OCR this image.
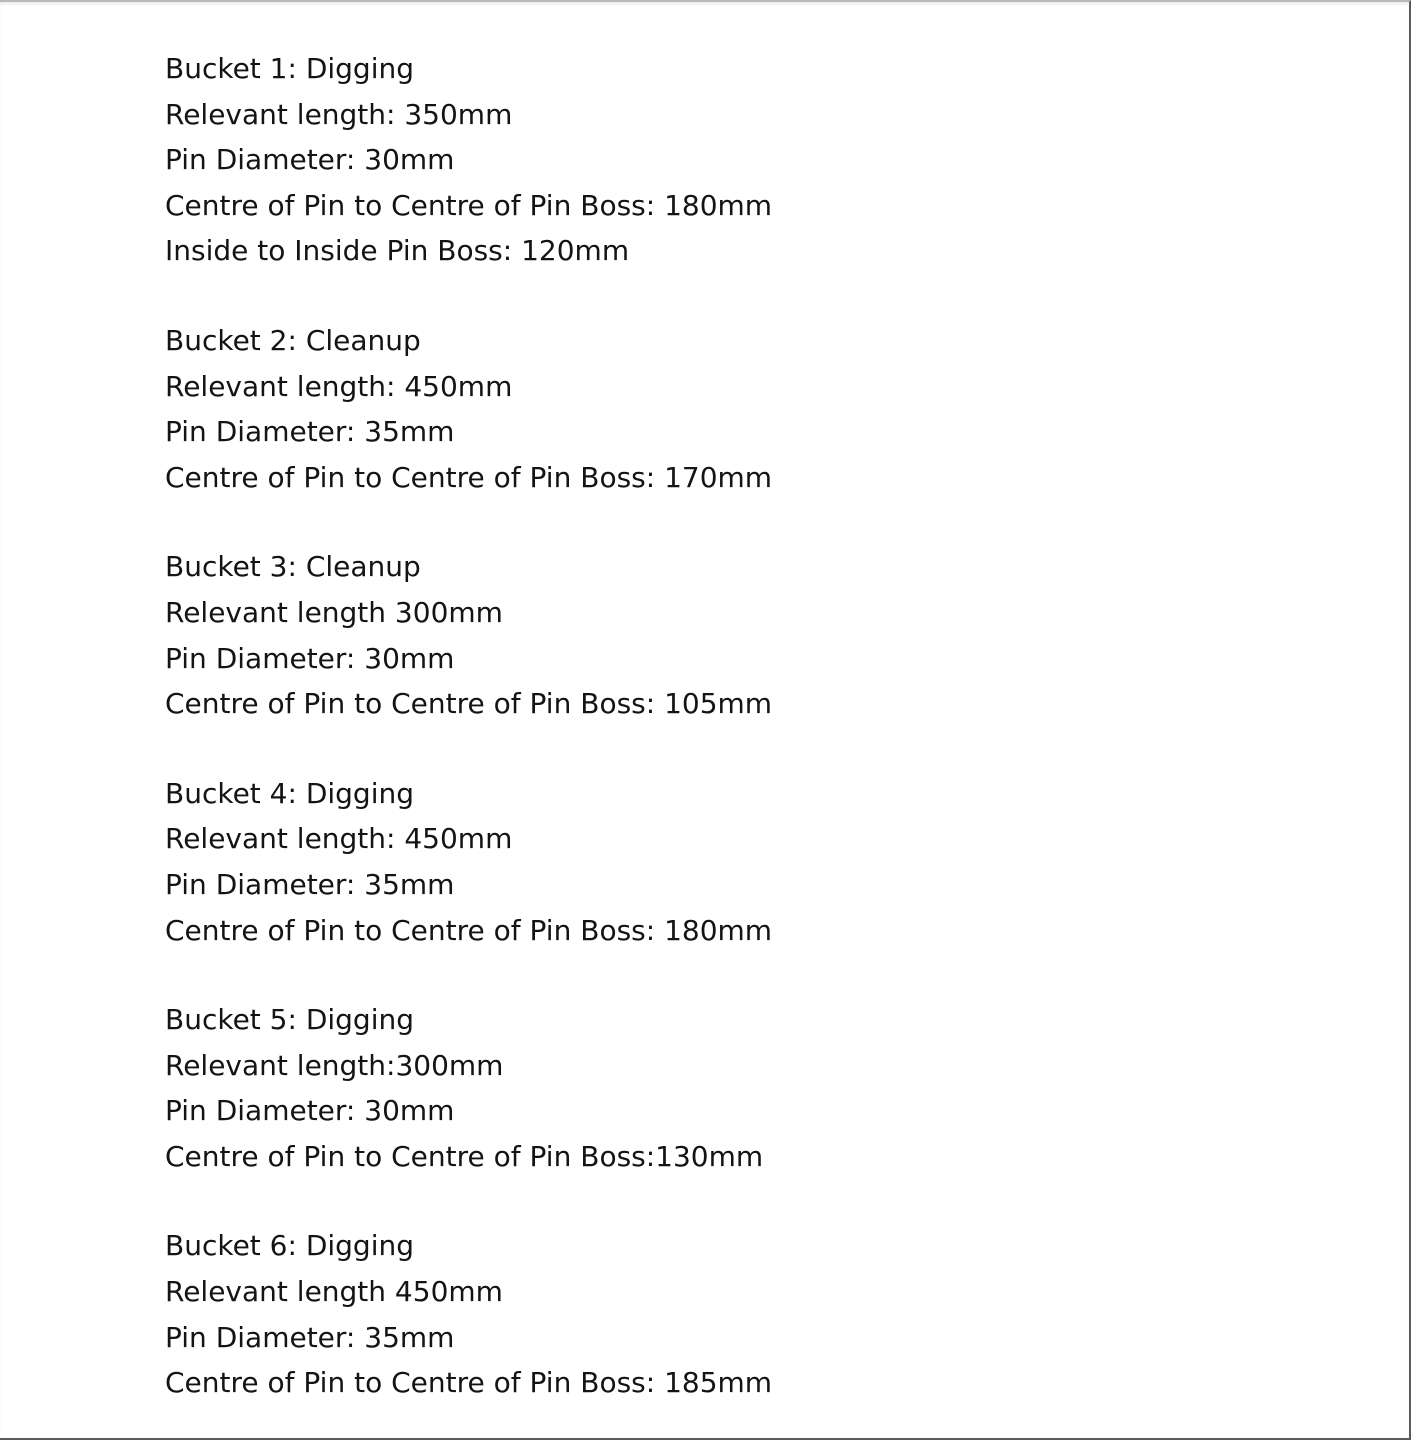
Bucket 1: Digging
Relevant length: 350mm
Pin Diameter: 30mm
Centre of Pin to Centre of Pin Boss: 180mm
Inside to Inside Pin Boss: 120mm
Bucket 2: Cleanup
Relevant length: 450mm
Pin Diameter: 35mm
Centre of Pin to Centre of Pin Boss: 170mm
Bucket 3: Cleanup
Relevant length 300mm
Pin Diameter: 30mm
Centre of Pin to Centre of Pin Boss: 105mm
Bucket 4: Digging
Relevant length: 450mm
Pin Diameter: 35mm
Centre of Pin to Centre of Pin Boss: 180mm
Bucket 5: Digging
Relevant length:300mm
Pin Diameter: 30mm
Centre of Pin to Centre of Pin Boss:130mm
Bucket 6: Digging
Relevant length 450mm
Pin Diameter: 35mm
Centre of Pin to Centre of Pin Boss: 185mm
